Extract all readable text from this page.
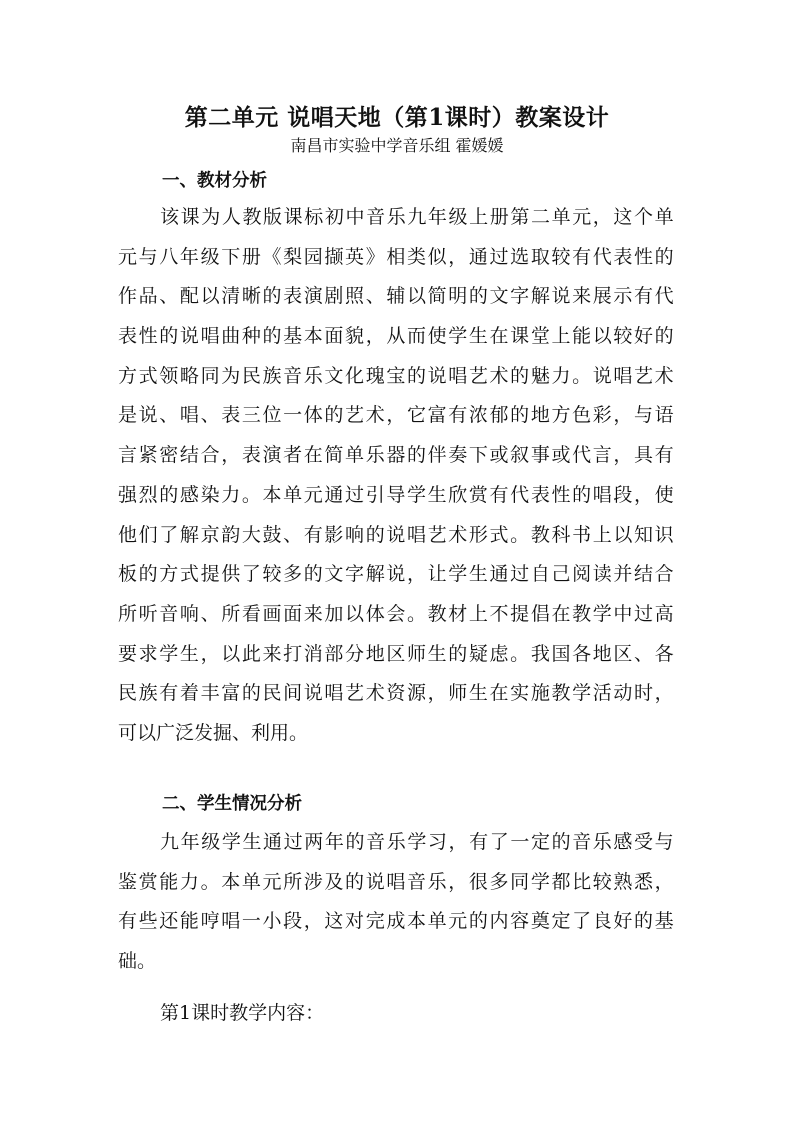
第二单元 说唱天地（第1课时）教案设计
南昌市实验中学音乐组 霍媛媛
一、教材分析
该 课 为 人 教 版 课 标 初 中 音 乐 九 年 级 上 册 第 二 单 元 ， 这 个 单
元 与 八 年 级 下 册 《 梨 园 撷 英 》 相 类 似 ， 通 过 选 取 较 有 代 表 性 的
作 品 、 配 以 清 晰 的 表 演 剧 照 、 辅 以 简 明 的 文 字 解 说 来 展 示 有 代
表 性 的 说 唱 曲 种 的 基 本 面 貌 ， 从 而 使 学 生 在 课 堂 上 能 以 较 好 的
方 式 领 略 同 为 民 族 音 乐 文 化 瑰 宝 的 说 唱 艺 术 的 魅 力 。 说 唱 艺 术
是 说 、 唱 、 表 三 位 一 体 的 艺 术 ， 它 富 有 浓 郁 的 地 方 色 彩 ， 与 语
言 紧 密 结 合 ， 表 演 者 在 简 单 乐 器 的 伴 奏 下 或 叙 事 或 代 言 ， 具 有
强 烈 的 感 染 力 。 本 单 元 通 过 引 导 学 生 欣 赏 有 代 表 性 的 唱 段 ， 使
他 们 了 解 京 韵 大 鼓 、 有 影 响 的 说 唱 艺 术 形 式 。 教 科 书 上 以 知 识
板 的 方 式 提 供 了 较 多 的 文 字 解 说 ， 让 学 生 通 过 自 己 阅 读 并 结 合
所 听 音 响 、 所 看 画 面 来 加 以 体 会 。 教 材 上 不 提 倡 在 教 学 中 过 高
要 求 学 生 ， 以 此 来 打 消 部 分 地 区 师 生 的 疑 虑 。 我 国 各 地 区 、 各
民 族 有 着 丰 富 的 民 间 说 唱 艺 术 资 源 ， 师 生 在 实 施 教 学 活 动 时 ，
可以广泛发掘、利用。
二、学生情况分析
九 年 级 学 生 通 过 两 年 的 音 乐 学 习 ， 有 了 一 定 的 音 乐 感 受 与
鉴 赏 能 力 。 本 单 元 所 涉 及 的 说 唱 音 乐 ， 很 多 同 学 都 比 较 熟 悉 ，
有 些 还 能 哼 唱 一 小 段 ， 这 对 完 成 本 单 元 的 内 容 奠 定 了 良 好 的 基
础。
第1课时教学内容：
